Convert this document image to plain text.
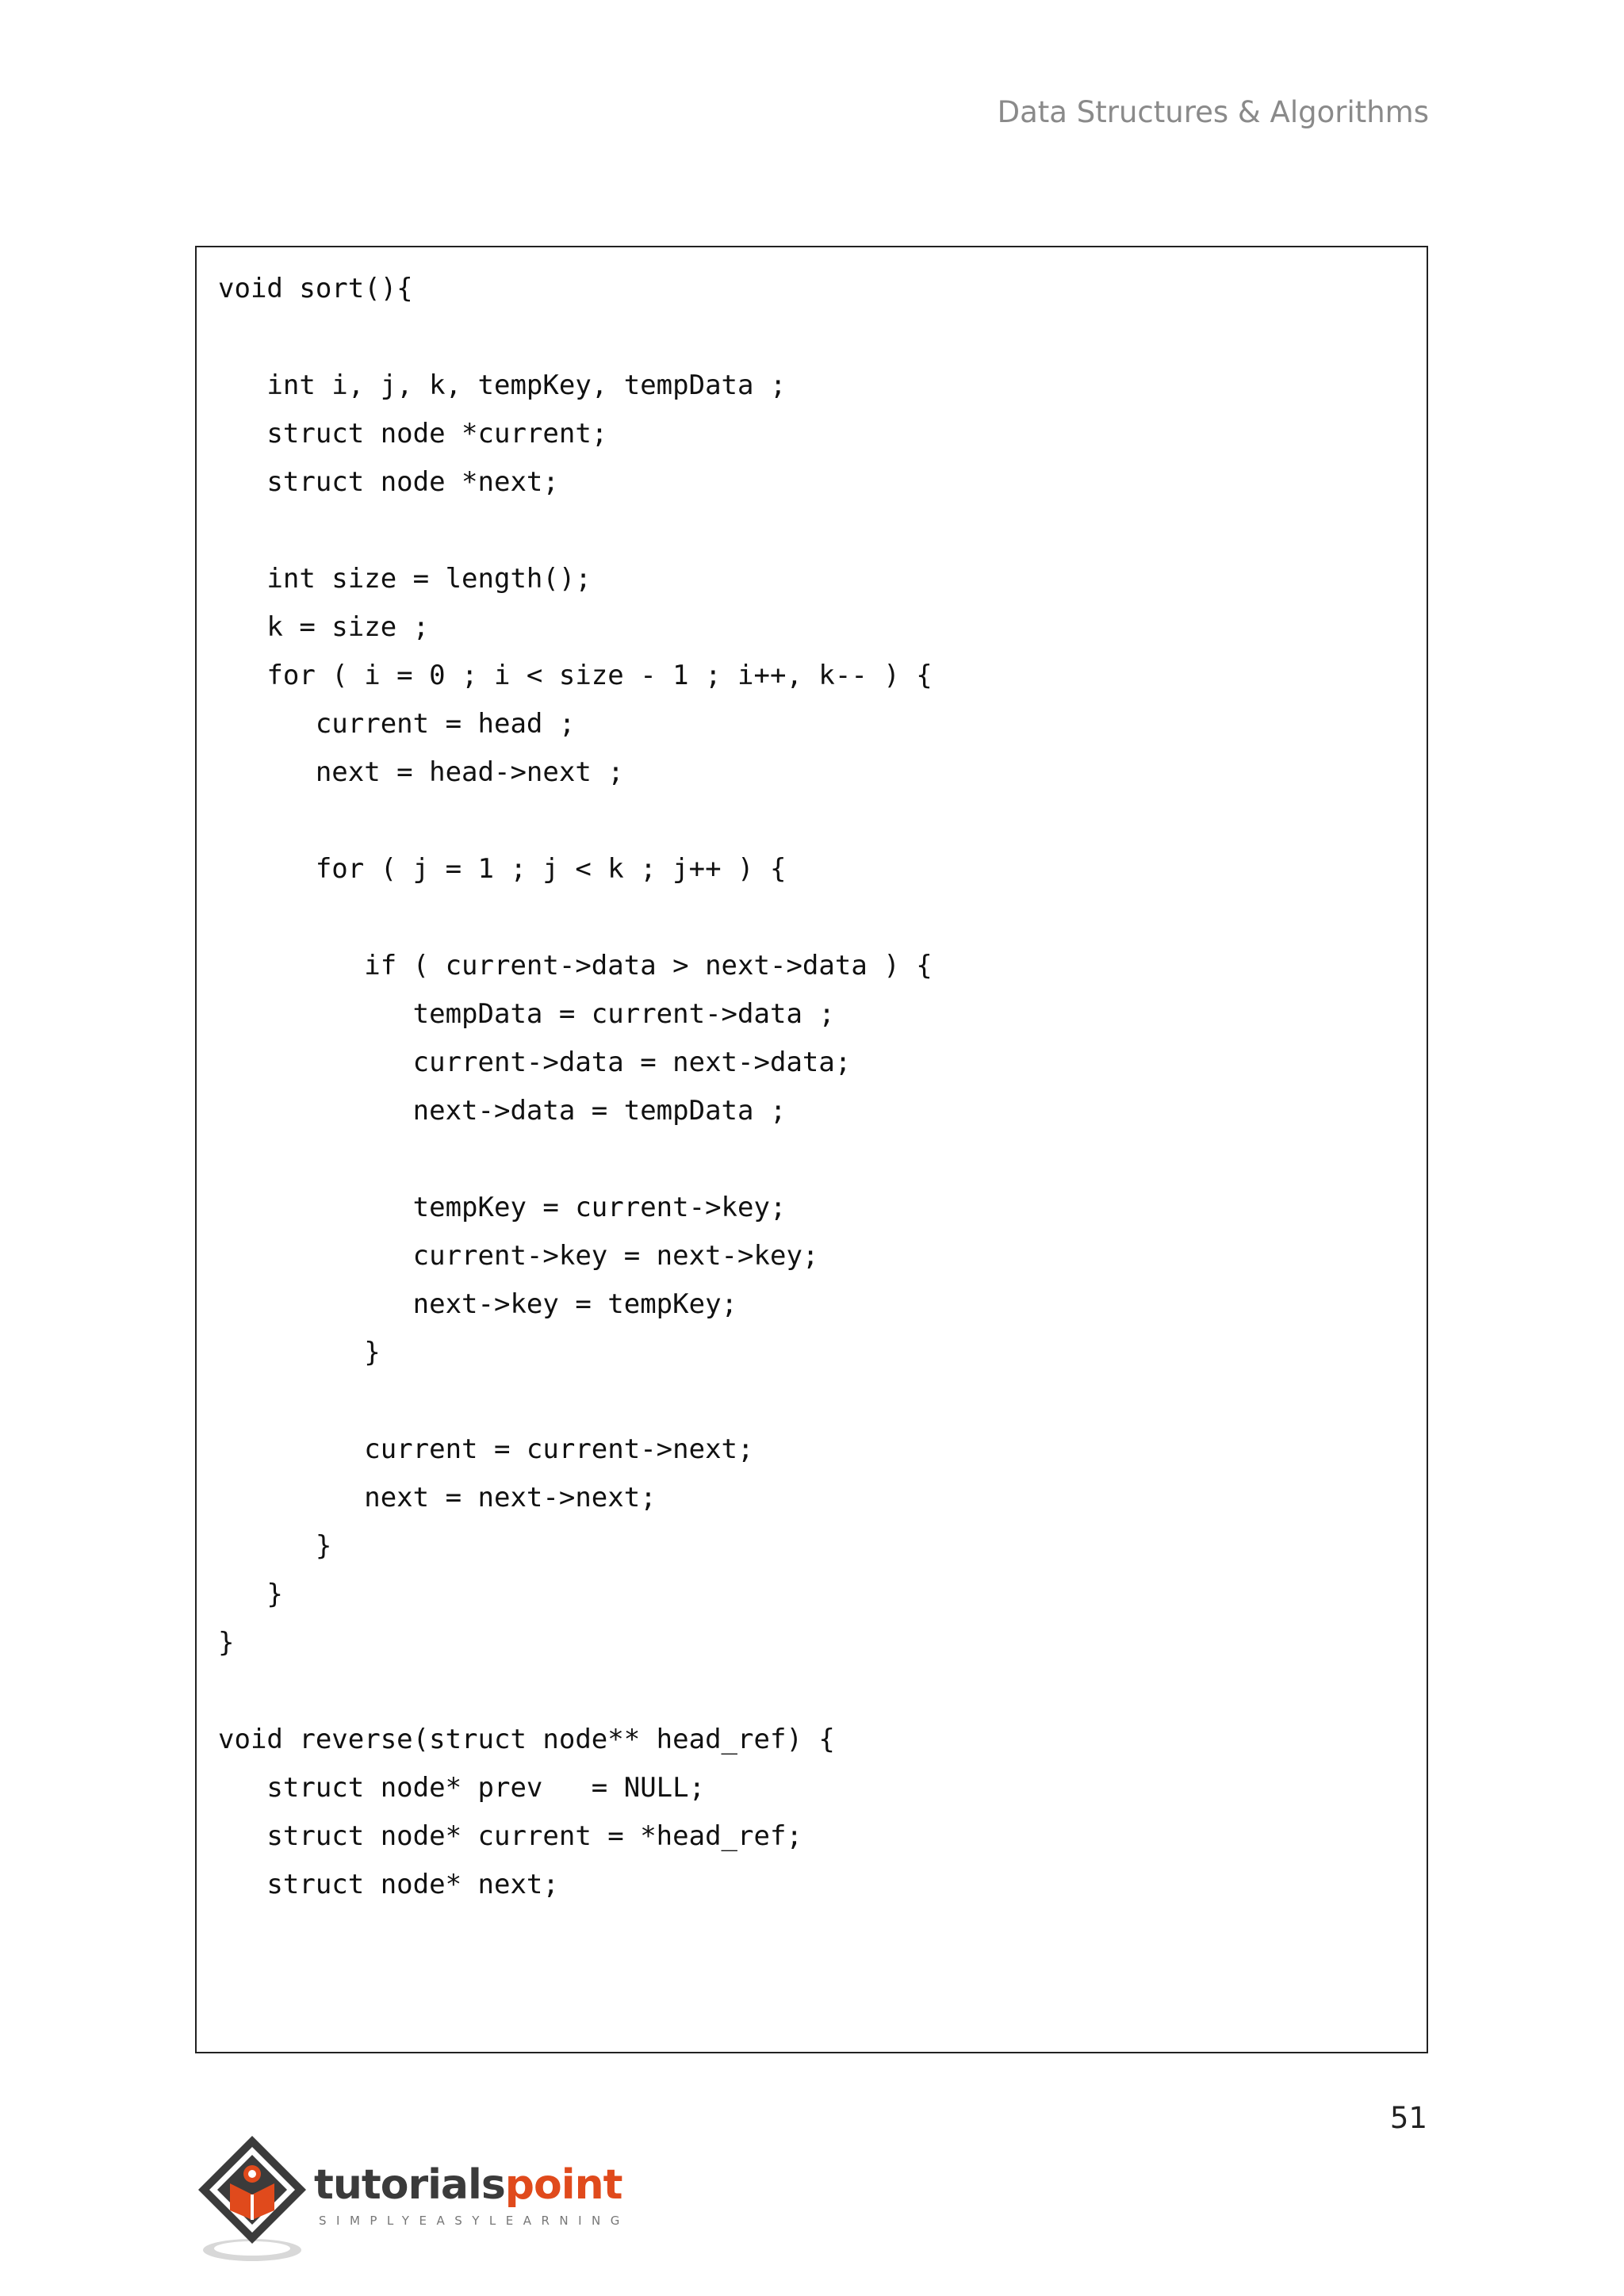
Data Structures & Algorithms
void sort(){
int i, j, k, tempKey, tempData ;
struct node *current;
struct node *next;
int size = length();
k = size ;
for ( i = 0 ; i < size - 1 ; i++, k-- ) {
current = head ;
next = head->next ;
for ( j = 1 ; j < k ; j++ ) {
if ( current->data > next->data ) {
tempData = current->data ;
current->data = next->data;
next->data = tempData ;
tempKey = current->key;
current->key = next->key;
next->key = tempKey;
}
current = current->next;
next = next->next;
}
}
}
void reverse(struct node** head_ref) {
struct node* prev   = NULL;
struct node* current = *head_ref;
struct node* next;
51
tutorialspoint
SIMPLYEASYLEARNING
